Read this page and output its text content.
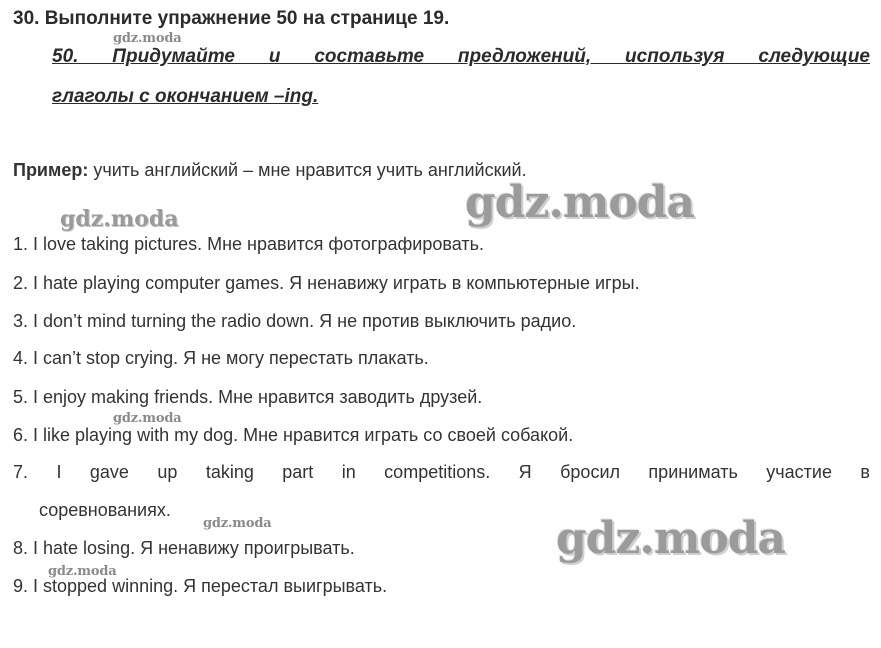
30. Выполните упражнение 50 на странице 19.
50. Придумайте и составьте предложений, используя следующие
глаголы с окончанием –ing.
Пример: учить английский – мне нравится учить английский.
1. I love taking pictures. Мне нравится фотографировать.
2. I hate playing computer games. Я ненавижу играть в компьютерные игры.
3. I don’t mind turning the radio down. Я не против выключить радио.
4. I can’t stop crying. Я не могу перестать плакать.
5. I enjoy making friends. Мне нравится заводить друзей.
6. I like playing with my dog. Мне нравится играть со своей собакой.
7. I gave up taking part in competitions. Я бросил принимать участие в
соревнованиях.
8. I hate losing. Я ненавижу проигрывать.
9. I stopped winning. Я перестал выигрывать.
gdz.moda
gdz.moda	gdz.moda
gdz.moda
gdz.moda	gdz.moda
gdz.moda
